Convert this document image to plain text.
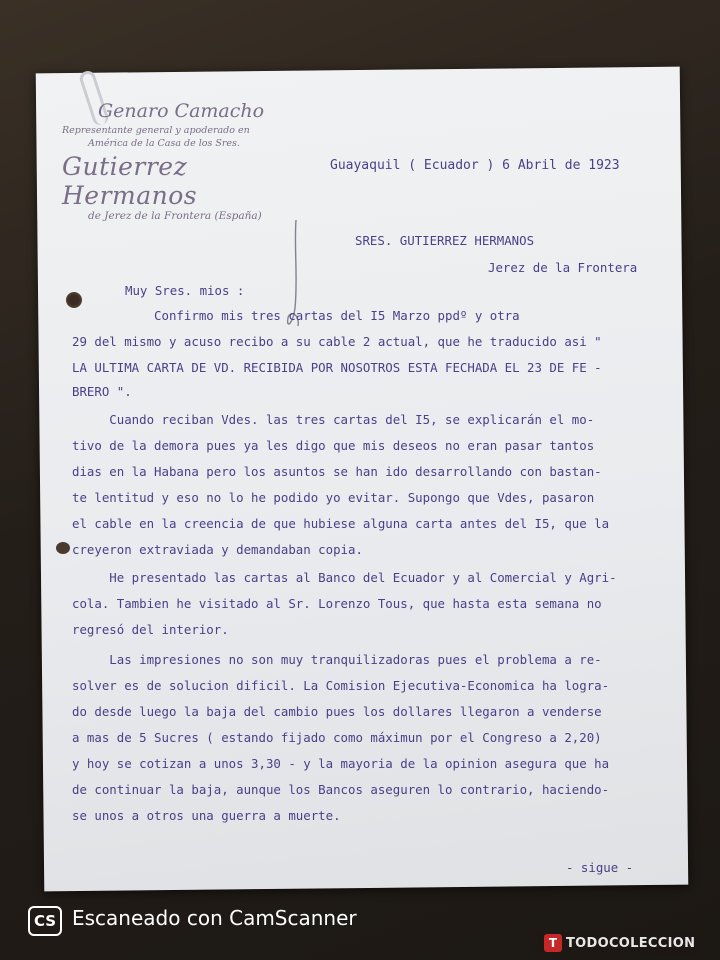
Genaro Camacho
Representante general y apoderado en
América de la Casa de los Sres.
Gutierrez Hermanos
de Jerez de la Frontera (España)
Guayaquil ( Ecuador ) 6 Abril de 1923
SRES. GUTIERREZ HERMANOS
Jerez de la Frontera
Muy Sres. mios :

Confirmo mis tres cartas del I5 Marzo ppdº y otra

29 del mismo y acuso recibo a su cable 2 actual, que he traducido asi "

LA ULTIMA CARTA DE VD. RECIBIDA POR NOSOTROS ESTA FECHADA EL 23 DE FE -

BRERO ".

Cuando reciban Vdes. las tres cartas del I5, se explicarán el mo-

tivo de la demora pues ya les digo que mis deseos no eran pasar tantos

dias en la Habana pero los asuntos se han ido desarrollando con bastan-

te lentitud y eso no lo he podido yo evitar. Supongo que Vdes, pasaron

el cable en la creencia de que hubiese alguna carta antes del I5, que la

creyeron extraviada y demandaban copia.

He presentado las cartas al Banco del Ecuador y al Comercial y Agri-

cola. Tambien he visitado al Sr. Lorenzo Tous, que hasta esta semana no

regresó del interior.

Las impresiones no son muy tranquilizadoras pues el problema a re-

solver es de solucion dificil. La Comision Ejecutiva-Economica ha logra-

do desde luego la baja del cambio pues los dollares llegaron a venderse

a mas de 5 Sucres ( estando fijado como máximun por el Congreso a 2,20)

y hoy se cotizan a unos 3,30 - y la mayoria de la opinion asegura que ha

de continuar la baja, aunque los Bancos aseguren lo contrario, haciendo-

se unos a otros una guerra a muerte.

- sigue -
CS Escaneado con CamScanner
T TODOCOLECCION
